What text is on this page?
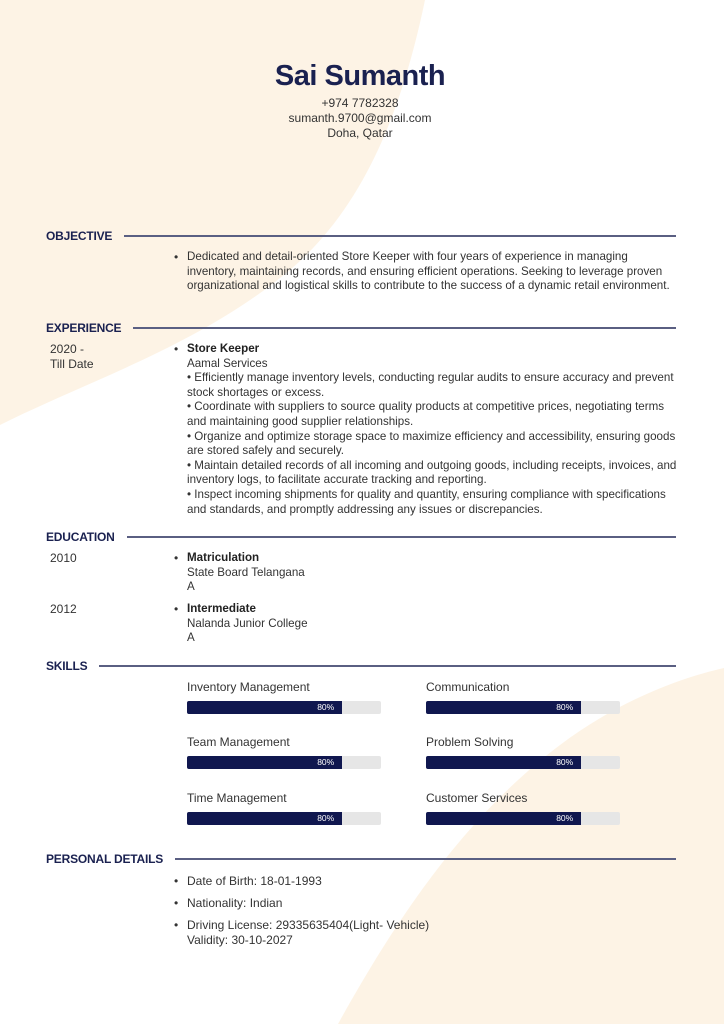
Sai Sumanth
+974 7782328
sumanth.9700@gmail.com
Doha, Qatar
OBJECTIVE
• Dedicated and detail-oriented Store Keeper with four years of experience in managing inventory, maintaining records, and ensuring efficient operations. Seeking to leverage proven organizational and logistical skills to contribute to the success of a dynamic retail environment.
EXPERIENCE
2020 -
Till Date
• Store Keeper
Aamal Services
• Efficiently manage inventory levels, conducting regular audits to ensure accuracy and prevent stock shortages or excess.
• Coordinate with suppliers to source quality products at competitive prices, negotiating terms and maintaining good supplier relationships.
• Organize and optimize storage space to maximize efficiency and accessibility, ensuring goods are stored safely and securely.
• Maintain detailed records of all incoming and outgoing goods, including receipts, invoices, and inventory logs, to facilitate accurate tracking and reporting.
• Inspect incoming shipments for quality and quantity, ensuring compliance with specifications and standards, and promptly addressing any issues or discrepancies.
EDUCATION
2010	• Matriculation
State Board Telangana
A
2012	• Intermediate
Nalanda Junior College
A
SKILLS
Inventory Management
80%
Communication
80%
Team Management
80%
Problem Solving
80%
Time Management
80%
Customer Services
80%
PERSONAL DETAILS
• Date of Birth: 18-01-1993
• Nationality: Indian
• Driving License: 29335635404(Light- Vehicle)
Validity: 30-10-2027
